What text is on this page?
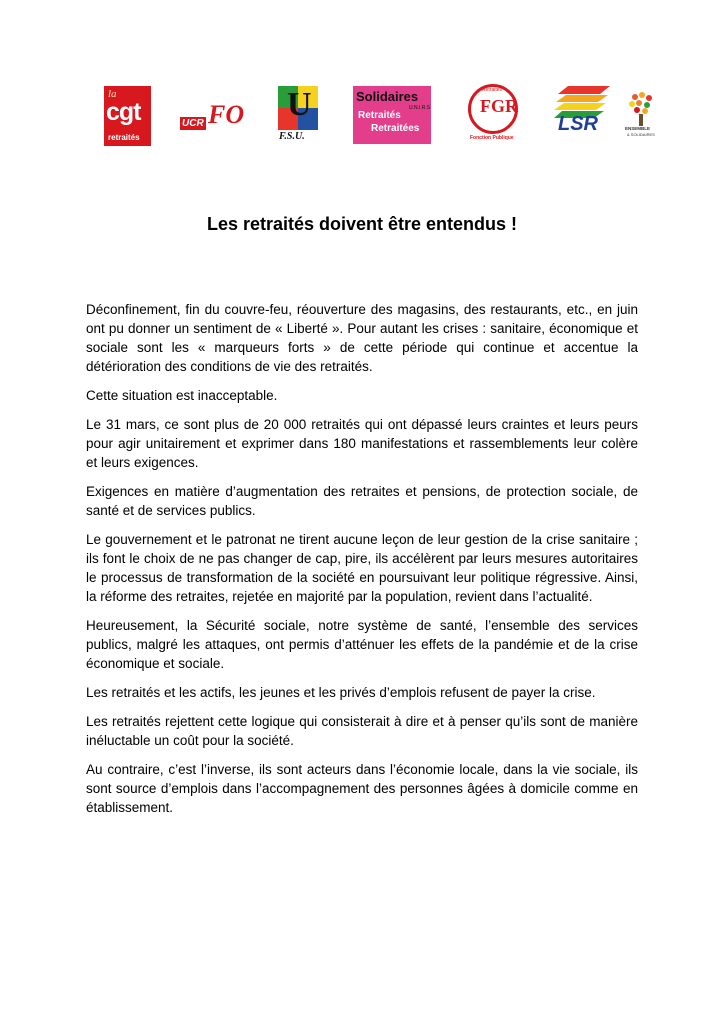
la
cgt
retraités
UCR FO U
F.S.U.
Solidaires
U.N.I.R.S
Retraités
Retraitées
Retraités
FGR
Fonction Publique
LSR	ENSEMBLE
& SOLIDAIRES
Les retraités doivent être entendus !

Déconfinement, fin du couvre-feu, réouverture des magasins, des restaurants, etc., en juin ont pu donner un sentiment de « Liberté ». Pour autant les crises : sanitaire, économique et sociale sont les « marqueurs forts » de cette période qui continue et accentue la détérioration des conditions de vie des retraités.

Cette situation est inacceptable.

Le 31 mars, ce sont plus de 20 000 retraités qui ont dépassé leurs craintes et leurs peurs pour agir unitairement et exprimer dans 180 manifestations et rassemblements leur colère et leurs exigences.

Exigences en matière d’augmentation des retraites et pensions, de protection sociale, de santé et de services publics.

Le gouvernement et le patronat ne tirent aucune leçon de leur gestion de la crise sanitaire ; ils font le choix de ne pas changer de cap, pire, ils accélèrent par leurs mesures autoritaires le processus de transformation de la société en poursuivant leur politique régressive. Ainsi, la réforme des retraites, rejetée en majorité par la population, revient dans l’actualité.

Heureusement, la Sécurité sociale, notre système de santé, l’ensemble des services publics, malgré les attaques, ont permis d’atténuer les effets de la pandémie et de la crise économique et sociale.

Les retraités et les actifs, les jeunes et les privés d’emplois refusent de payer la crise.

Les retraités rejettent cette logique qui consisterait à dire et à penser qu’ils sont de manière inéluctable un coût pour la société.

Au contraire, c’est l’inverse, ils sont acteurs dans l’économie locale, dans la vie sociale, ils sont source d’emplois dans l’accompagnement des personnes âgées à domicile comme en établissement.
